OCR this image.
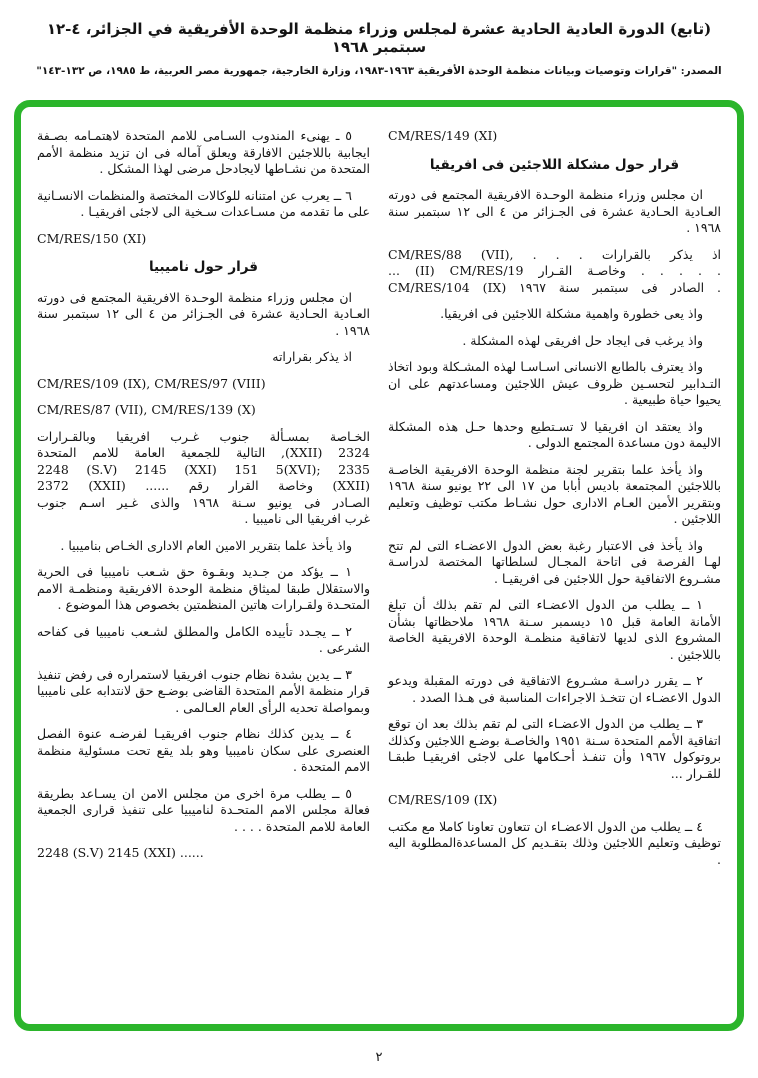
(تابع) الدورة العادية الحادية عشرة لمجلس وزراء منظمة الوحدة الأفريقية في الجزائر، ٤-١٢ سبتمبر ١٩٦٨
المصدر: "قرارات وتوصيات وبيانات منظمة الوحدة الأفريقية ١٩٦٣-١٩٨٣، وزارة الخارجية، جمهورية مصر العربية، ط ١٩٨٥، ص ١٣٢-١٤٣"
٥ ـ يهنىء المندوب السـامى للامم المتحدة لاهتمـامه بصـفة ايجابية باللاجئين الافارقة ويعلق آماله فى ان تزيد منظمة الأمم المتحدة من نشـاطها لايجادحل مرضى لهذا المشكل .
٦ ــ يعرب عن امتنانه للوكالات المختصة والمنظمات الانسـانية على ما تقدمه من مسـاعدات سـخية الى لاجئى افريقيـا .
CM/RES/150 (XI)
قرار حول ناميبيا
ان مجلس وزراء منظمة الوحـدة الافريقية المجتمع فى دورته العـادية الحـادية عشرة فى الجـزائر من ٤ الى ١٢ سبتمبر سنة ١٩٦٨ .
اذ يذكر بقراراته
CM/RES/109 (IX), CM/RES/97 (VIII)
CM/RES/87 (VII), CM/RES/139 (X)
الخـاصة بمسـألة جنوب غـرب افريقيا وبالقـرارات
التالية للجمعية العامة للامم المتحدة ,(XXII) 2324
2248 (S.V) 2145 (XXI) 151 5(XVI); 2335
2372 (XXII) ...... وخاصة القرار رقم (XXII)
الصـادر فى يونيو سـنة ١٩٦٨ والذى غـير اسـم جنوب
غرب افريقيا الى ناميبيا .
واذ يأخذ علما بتقرير الامين العام الادارى الخـاص بناميبيا .
١ ــ يؤكد من جـديد وبقـوة حق شـعب ناميبيا فى الحرية والاستقلال طبقا لميثاق منظمة الوحدة الافريقية ومنظمـة الامم المتحـدة ولقـرارات هاتين المنظمتين بخصوص هذا الموضوع .
٢ ــ يجـدد تأييده الكامل والمطلق لشـعب ناميبيا فى كفاحه الشرعى .
٣ ــ يدين بشدة نظام جنوب افريقيا لاستمراره فى رفض تنفيذ قرار منظمة الأمم المتحدة القاضى بوضـع حق لانتدابه على ناميبيا وبمواصلة تحديه الرأى العام العـالمى .
٤ ــ يدين كذلك نظام جنوب افريقيـا لفرضـه عنوة الفصل العنصرى على سكان ناميبيا وهو بلد يقع تحت مسئولية منظمة الامم المتحدة .
٥ ــ يطلب مرة اخرى من مجلس الامن ان يسـاعد بطريقة فعالة مجلس الامم المتحـدة لناميبيا على تنفيذ قرارى الجمعية العامة للامم المتحدة . . . .
2248 (S.V) 2145 (XXI) ......
CM/RES/149 (XI)
قرار حول مشكلة اللاجئين فى افريقيا
ان مجلس وزراء منظمة الوحـدة الافريقية المجتمع فى دورته العـادية الحـادية عشرة فى الجـزائر من ٤ الى ١٢ سبتمبر سنة ١٩٦٨ .
CM/RES/88 (VII), . . . اذ يذكر بالقرارات
... (II) CM/RES/19 وخاصـة القـرار . . . . .
CM/RES/104 (IX) الصادر فى سبتمبر سنة ١٩٦٧ .
واذ يعى خطورة واهمية مشكلة اللاجئين فى افريقيا.
واذ يرغب فى ايجاد حل افريقى لهذه المشكلة .
واذ يعترف بالطابع الانسانى اسـاسـا لهذه المشـكلة وبود اتخاذ التـدابير لتحسـين ظروف عيش اللاجئين ومساعدتهم على ان يحيوا حياة طبيعية .
واذ يعتقد ان افريقيا لا تسـتطيع وحدها حـل هذه المشكلة الاليمة دون مساعدة المجتمع الدولى .
واذ يأخذ علما بتقرير لجنة منظمة الوحدة الافريقية الخاصـة باللاجئين المجتمعة باديس أبابا من ١٧ الى ٢٢ يونيو سنة ١٩٦٨ وبتقرير الأمين العـام الادارى حول نشـاط مكتب توظيف وتعليم اللاجئين .
واذ يأخذ فى الاعتبار رغبة بعض الدول الاعضـاء التى لم تتح لهـا الفرصة فى اتاحة المجـال لسلطاتها المختصة لدراسـة مشـروع الاتفاقية حول اللاجئين فى افريقيـا .
١ ــ يطلب من الدول الاعضـاء التى لم تقم بذلك أن تبلغ الأمانة العامة قبل ١٥ ديسمبر سـنة ١٩٦٨ ملاحظاتها بشأن المشروع الذى لديها لاتفاقية منظمـة الوحدة الافريقية الخاصة باللاجئين .
٢ ــ يقرر دراسـة مشـروع الاتفاقية فى دورته المقبلة ويدعو الدول الاعضـاء ان تتخـذ الاجراءات المناسبة فى هـذا الصدد .
٣ ــ يطلب من الدول الاعضـاء التى لم تقم بذلك بعد ان توقع اتفاقية الأمم المتحدة سـنة ١٩٥١ والخاصـة بوضـع اللاجئين وكذلك بروتوكول ١٩٦٧ وأن تنفـذ أحـكامها على لاجئى افريقيـا طبقـا للقـرار ...
CM/RES/109 (IX)
٤ ــ يطلب من الدول الاعضـاء ان تتعاون تعاونا كاملا مع مكتب توظيف وتعليم اللاجئين وذلك بتقـديم كل المساعدةالمطلوبة اليه .
٢
